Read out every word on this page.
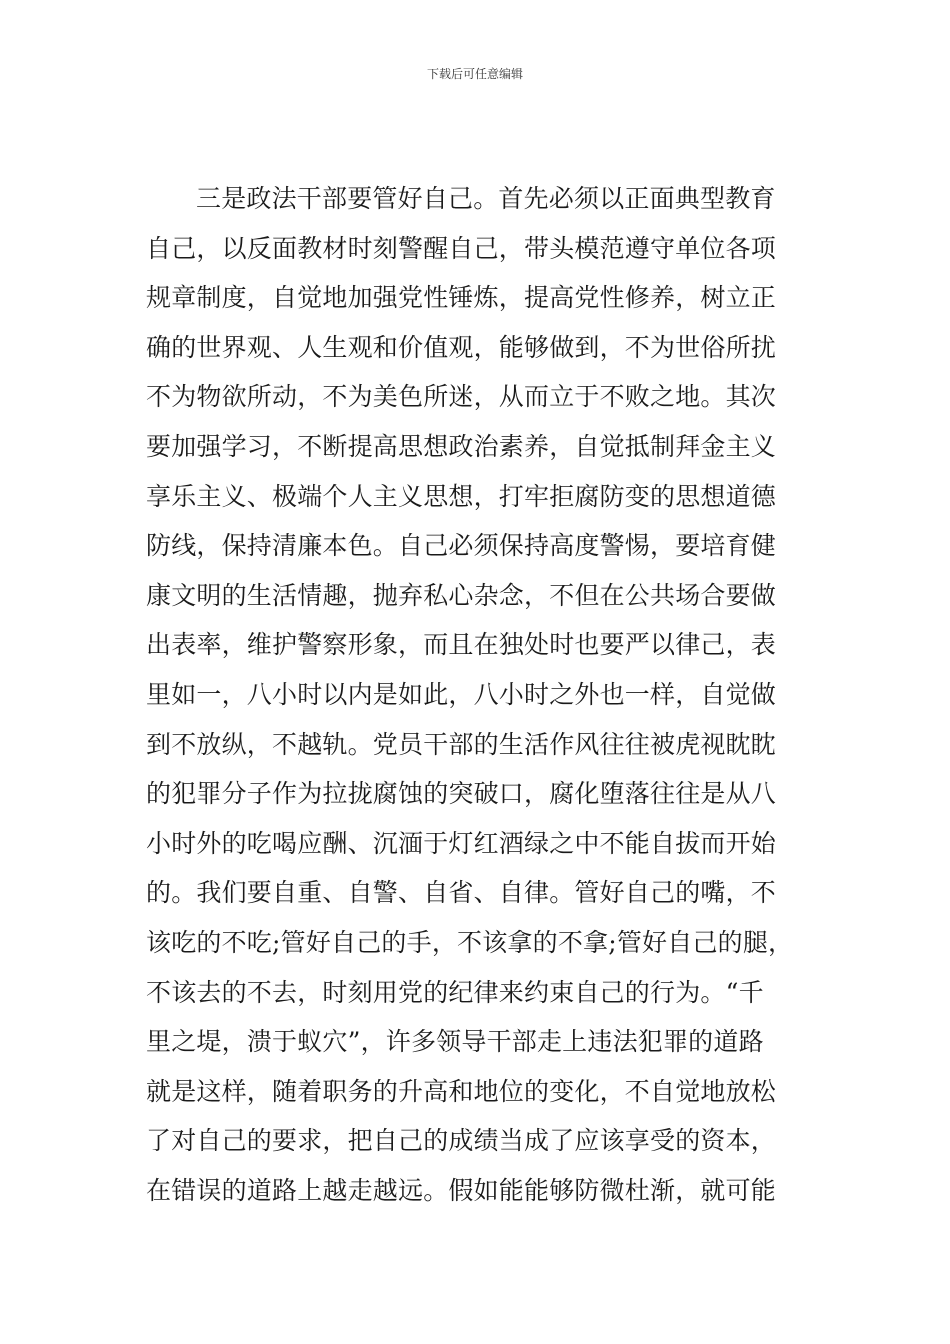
下载后可任意编辑
三是政法干部要管好自己。首先必须以正面典型教育
自己，以反面教材时刻警醒自己，带头模范遵守单位各项
规章制度，自觉地加强党性锤炼，提高党性修养，树立正
确的世界观、人生观和价值观，能够做到，不为世俗所扰
不为物欲所动，不为美色所迷，从而立于不败之地。其次
要加强学习，不断提高思想政治素养，自觉抵制拜金主义
享乐主义、极端个人主义思想，打牢拒腐防变的思想道德
防线，保持清廉本色。自己必须保持高度警惕，要培育健
康文明的生活情趣，抛弃私心杂念，不但在公共场合要做
出表率，维护警察形象，而且在独处时也要严以律己，表
里如一，八小时以内是如此，八小时之外也一样，自觉做
到不放纵，不越轨。党员干部的生活作风往往被虎视眈眈
的犯罪分子作为拉拢腐蚀的突破口，腐化堕落往往是从八
小时外的吃喝应酬、沉湎于灯红酒绿之中不能自拔而开始
的。我们要自重、自警、自省、自律。管好自己的嘴，不
该吃的不吃;管好自己的手，不该拿的不拿;管好自己的腿，
不该去的不去，时刻用党的纪律来约束自己的行为。“千
里之堤，溃于蚁穴”，许多领导干部走上违法犯罪的道路
就是这样，随着职务的升高和地位的变化，不自觉地放松
了对自己的要求，把自己的成绩当成了应该享受的资本，
在错误的道路上越走越远。假如能能够防微杜渐，就可能
